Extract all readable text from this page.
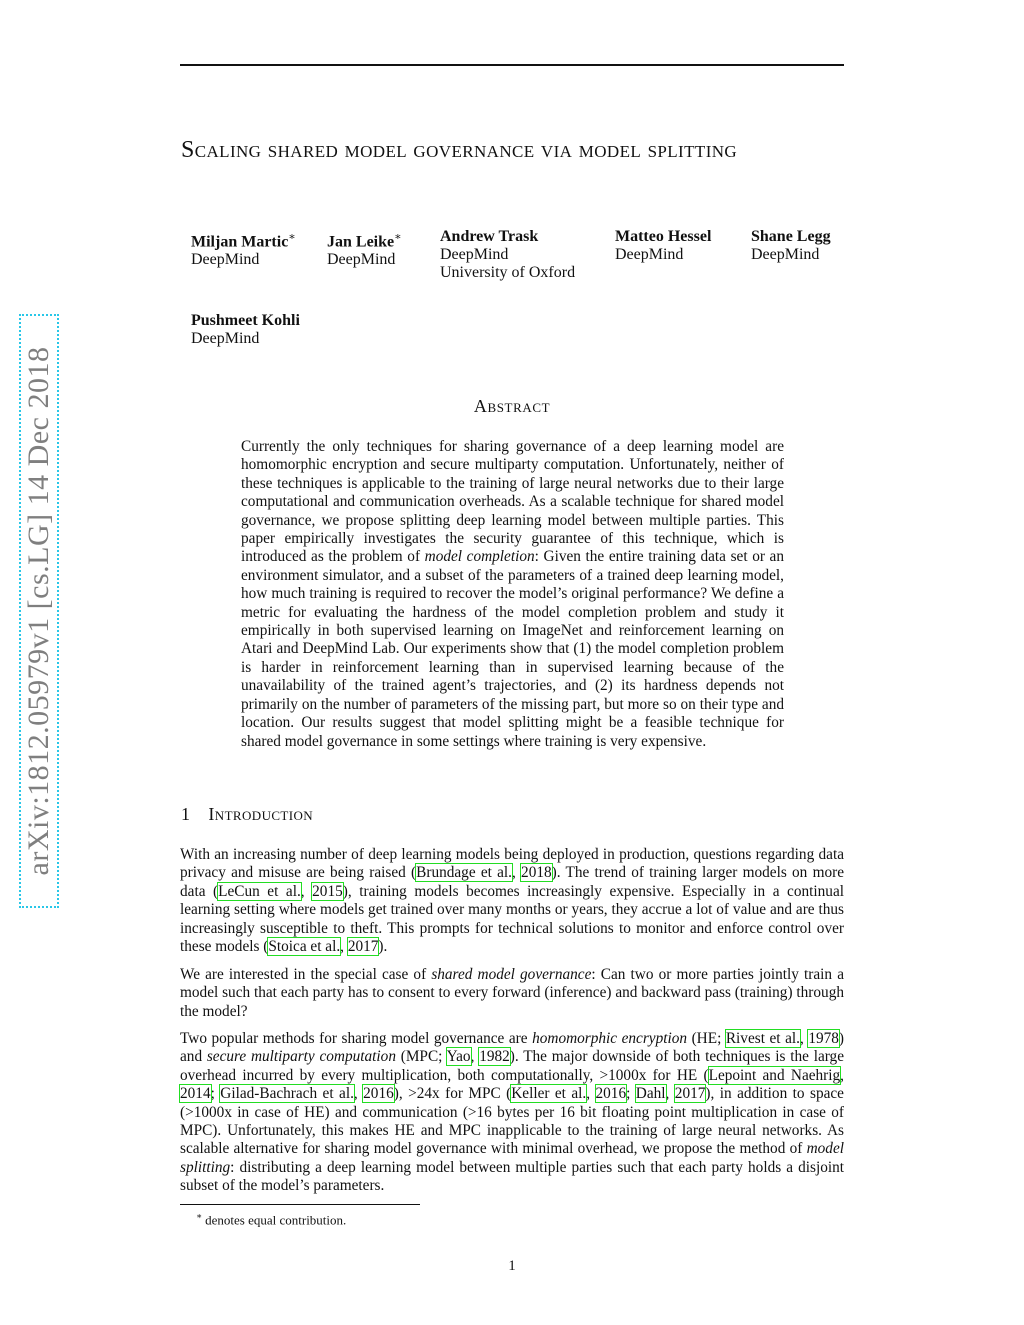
arXiv:1812.05979v1 [cs.LG] 14 Dec 2018
Scaling shared model governance via model splitting
Miljan Martic∗
DeepMind
Jan Leike∗
DeepMind
Andrew Trask
DeepMind
University of Oxford
Matteo Hessel
DeepMind
Shane Legg
DeepMind
Pushmeet Kohli
DeepMind
Abstract
Currently the only techniques for sharing governance of a deep learning model are homomorphic encryption and secure multiparty computation. Unfortunately, neither of these techniques is applicable to the training of large neural networks due to their large computational and communication overheads. As a scalable technique for shared model governance, we propose splitting deep learning model between multiple parties. This paper empirically investigates the security guarantee of this technique, which is introduced as the problem of model completion: Given the entire training data set or an environment simulator, and a subset of the parameters of a trained deep learning model, how much training is required to recover the model’s original performance? We define a metric for evaluating the hardness of the model completion problem and study it empirically in both supervised learning on ImageNet and reinforcement learning on Atari and DeepMind Lab. Our experiments show that (1) the model completion problem is harder in reinforcement learning than in supervised learning because of the unavailability of the trained agent’s trajectories, and (2) its hardness depends not primarily on the number of parameters of the missing part, but more so on their type and location. Our results suggest that model splitting might be a feasible technique for shared model governance in some settings where training is very expensive.
1 Introduction
With an increasing number of deep learning models being deployed in production, questions regarding data privacy and misuse are being raised (Brundage et al., 2018). The trend of training larger models on more data (LeCun et al., 2015), training models becomes increasingly expensive. Especially in a continual learning setting where models get trained over many months or years, they accrue a lot of value and are thus increasingly susceptible to theft. This prompts for technical solutions to monitor and enforce control over these models (Stoica et al., 2017).
We are interested in the special case of shared model governance: Can two or more parties jointly train a model such that each party has to consent to every forward (inference) and backward pass (training) through the model?
Two popular methods for sharing model governance are homomorphic encryption (HE; Rivest et al., 1978) and secure multiparty computation (MPC; Yao, 1982). The major downside of both techniques is the large overhead incurred by every multiplication, both computationally, >1000x for HE (Lepoint and Naehrig, 2014; Gilad-Bachrach et al., 2016), >24x for MPC (Keller et al., 2016; Dahl, 2017), in addition to space (>1000x in case of HE) and communication (>16 bytes per 16 bit floating point multiplication in case of MPC). Unfortunately, this makes HE and MPC inapplicable to the training of large neural networks. As scalable alternative for sharing model governance with minimal overhead, we propose the method of model splitting: distributing a deep learning model between multiple parties such that each party holds a disjoint subset of the model’s parameters.
∗ denotes equal contribution.
1
